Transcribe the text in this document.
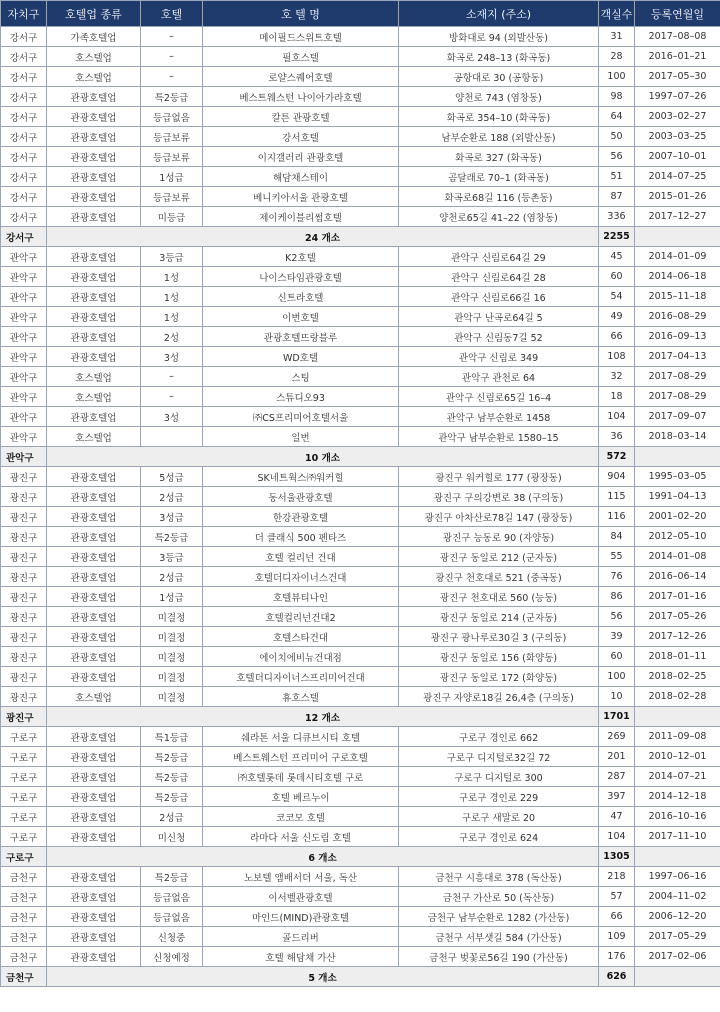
자치구	호텔업 종류	호텔	호 텔 명	소재지 (주소)	객실수	등록연월일
강서구	가족호텔업	–	메이필드스위트호텔	방화대로 94 (외발산동)	31	2017–08–08
강서구	호스텔업	–	필호스텔	화곡로 248–13 (화곡동)	28	2016–01–21
강서구	호스텔업	–	로얄스퀘어호텔	공항대로 30 (공항동)	100	2017–05–30
강서구	관광호텔업	특2등급	베스트웨스턴 나이아가라호텔	양천로 743 (염창동)	98	1997–07–26
강서구	관광호텔업	등급없음	칼튼 관광호텔	화곡로 354–10 (화곡동)	64	2003–02–27
강서구	관광호텔업	등급보류	강서호텔	남부순환로 188 (외발산동)	50	2003–03–25
강서구	관광호텔업	등급보류	이지갤러리 관광호텔	화곡로 327 (화곡동)	56	2007–10–01
강서구	관광호텔업	1성급	해담채스테이	곰달래로 70–1 (화곡동)	51	2014–07–25
강서구	관광호텔업	등급보류	베니키아서울 관광호텔	화곡로68길 116 (등촌동)	87	2015–01–26
강서구	관광호텔업	미등급	제이케이블리썸호텔	양천로65길 41–22 (염창동)	336	2017–12–27
강서구	24 개소				2255	
관악구	관광호텔업	3등급	K2호텔	관악구 신림로64길 29	45	2014–01–09
관악구	관광호텔업	1성	나이스타임관광호텔	관악구 신림로64길 28	60	2014–06–18
관악구	관광호텔업	1성	신트라호텔	관악구 신림로66길 16	54	2015–11–18
관악구	관광호텔업	1성	이번호텔	관악구 난곡로64길 5	49	2016–08–29
관악구	관광호텔업	2성	관광호텔뜨랑블루	관악구 신림동7길 52	66	2016–09–13
관악구	관광호텔업	3성	WD호텔	관악구 신림로 349	108	2017–04–13
관악구	호스텔업	–	스팅	관악구 관천로 64	32	2017–08–29
관악구	호스텔업	–	스튜디오93	관악구 신림로65길 16–4	18	2017–08–29
관악구	관광호텔업	3성	㈜CS프리미어호텔서울	관악구 남부순환로 1458	104	2017–09–07
관악구	호스텔업		일번	관악구 남부순환로 1580–15	36	2018–03–14
관악구	10 개소				572	
광진구	관광호텔업	5성급	SK네트웍스㈜워커힐	광진구 워커힐로 177 (광장동)	904	1995–03–05
광진구	관광호텔업	2성급	동서울관광호텔	광진구 구의강변로 38 (구의동)	115	1991–04–13
광진구	관광호텔업	3성급	한강관광호텔	광진구 아차산로78길 147 (광장동)	116	2001–02–20
광진구	관광호텔업	특2등급	더 클래식 500 펜타즈	광진구 능동로 90 (자양동)	84	2012–05–10
광진구	관광호텔업	3등급	호텔 컬리넌 건대	광진구 동일로 212 (군자동)	55	2014–01–08
광진구	관광호텔업	2성급	호텔더디자이너스건대	광진구 천호대로 521 (중곡동)	76	2016–06–14
광진구	관광호텔업	1성급	호텔뷰티나인	광진구 천호대로 560 (능동)	86	2017–01–16
광진구	관광호텔업	미결정	호텔컬리넌건대2	광진구 동일로 214 (군자동)	56	2017–05–26
광진구	관광호텔업	미결정	호텔스타건대	광진구 광나루로30길 3 (구의동)	39	2017–12–26
광진구	관광호텔업	미결정	에이치에비뉴건대점	광진구 동일로 156 (화양동)	60	2018–01–11
광진구	관광호텔업	미결정	호텔더디자이너스프리미어건대	광진구 동일로 172 (화양동)	100	2018–02–25
광진구	호스텔업	미결정	휴호스텔	광진구 자양로18길 26,4층 (구의동)	10	2018–02–28
광진구	12 개소				1701	
구로구	관광호텔업	특1등급	쉐라톤 서울 디큐브시티 호텔	구로구 경인로 662	269	2011–09–08
구로구	관광호텔업	특2등급	베스트웨스턴 프리미어 구로호텔	구로구 디지털로32길 72	201	2010–12–01
구로구	관광호텔업	특2등급	㈜호텔롯데 롯데시티호텔 구로	구로구 디지털로 300	287	2014–07–21
구로구	관광호텔업	특2등급	호텔 베르누이	구로구 경인로 229	397	2014–12–18
구로구	관광호텔업	2성급	코코모 호텔	구로구 새말로 20	47	2016–10–16
구로구	관광호텔업	미신청	라마다 서울 신도림 호텔	구로구 경인로 624	104	2017–11–10
구로구	6 개소				1305	
금천구	관광호텔업	특2등급	노보텔 앰배서더 서울, 독산	금천구 시흥대로 378 (독산동)	218	1997–06–16
금천구	관광호텔업	등급없음	이서벨관광호텔	금천구 가산로 50 (독산동)	57	2004–11–02
금천구	관광호텔업	등급없음	마인드(MIND)관광호텔	금천구 남부순환로 1282 (가산동)	66	2006–12–20
금천구	관광호텔업	신청중	골드리버	금천구 서부샛길 584 (가산동)	109	2017–05–29
금천구	관광호텔업	신청예정	호텔 해담채 가산	금천구 벚꽃로56길 190 (가산동)	176	2017–02–06
금천구	5 개소				626	
